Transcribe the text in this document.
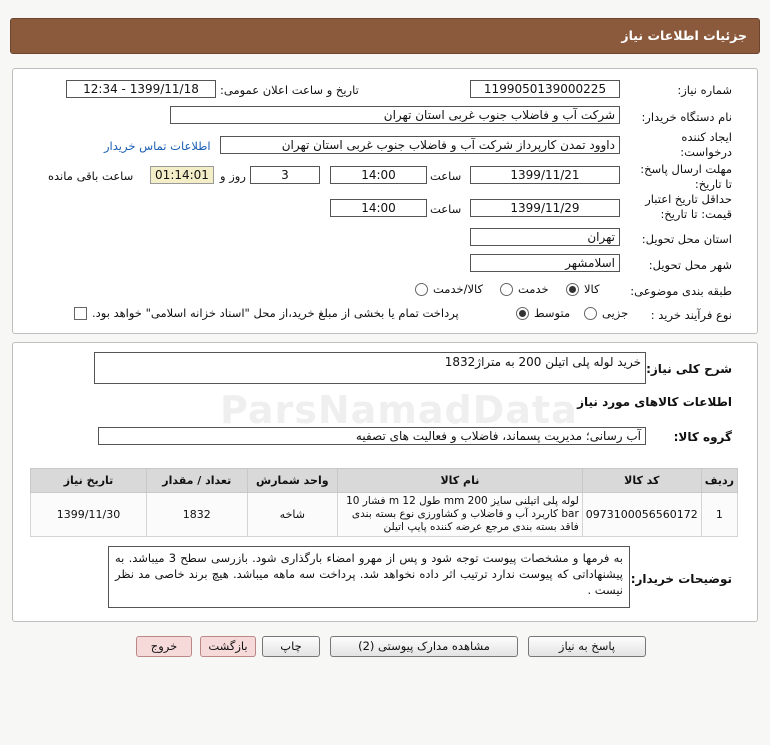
جزئیات اطلاعات نیاز
شماره نیاز:
1199050139000225
تاریخ و ساعت اعلان عمومی:
1399/11/18 - 12:34
نام دستگاه خریدار:
شرکت آب و فاضلاب جنوب غربی استان تهران
ایجاد کننده درخواست:
داوود تمدن کارپرداز شرکت آب و فاضلاب جنوب غربی استان تهران
اطلاعات تماس خریدار
مهلت ارسال پاسخ: تا تاریخ:
1399/11/21
ساعت
14:00
3
روز و
01:14:01
ساعت باقی مانده
حداقل تاریخ اعتبار قیمت: تا تاریخ:
1399/11/29
ساعت
14:00
استان محل تحویل:
تهران
شهر محل تحویل:
اسلامشهر
طبقه بندی موضوعی:
کالا
خدمت
کالا/خدمت
نوع فرآیند خرید :
جزیی
متوسط
پرداخت تمام یا بخشی از مبلغ خرید،از محل "اسناد خزانه اسلامی" خواهد بود.
شرح کلی نیاز:
خرید لوله پلی اتیلن 200 به متراژ1832
اطلاعات کالاهای مورد نیاز
گروه کالا:
آب رسانی؛ مدیریت پسماند، فاضلاب و فعالیت های تصفیه
ردیف	کد کالا	نام کالا	واحد شمارش	تعداد / مقدار	تاریخ نیاز
1	0973100056560172	لوله پلی اتیلنی سایز 200 mm طول 12 m فشار 10 bar کاربرد آب و فاضلاب و کشاورزی نوع بسته بندی فاقد بسته بندی مرجع عرضه کننده پایپ اتیلن	شاخه	1832	1399/11/30
توضیحات خریدار:
به فرمها و مشخصات پیوست توجه شود و پس از مهرو امضاء بارگذاری شود. بازرسی سطح 3 میباشد. به پیشنهاداتی که پیوست ندارد ترتیب اثر داده نخواهد شد. پرداخت سه ماهه میباشد. هیچ برند خاصی مد نظر نیست .
پاسخ به نیاز
مشاهده مدارک پیوستی (2)
چاپ
بازگشت
خروج
